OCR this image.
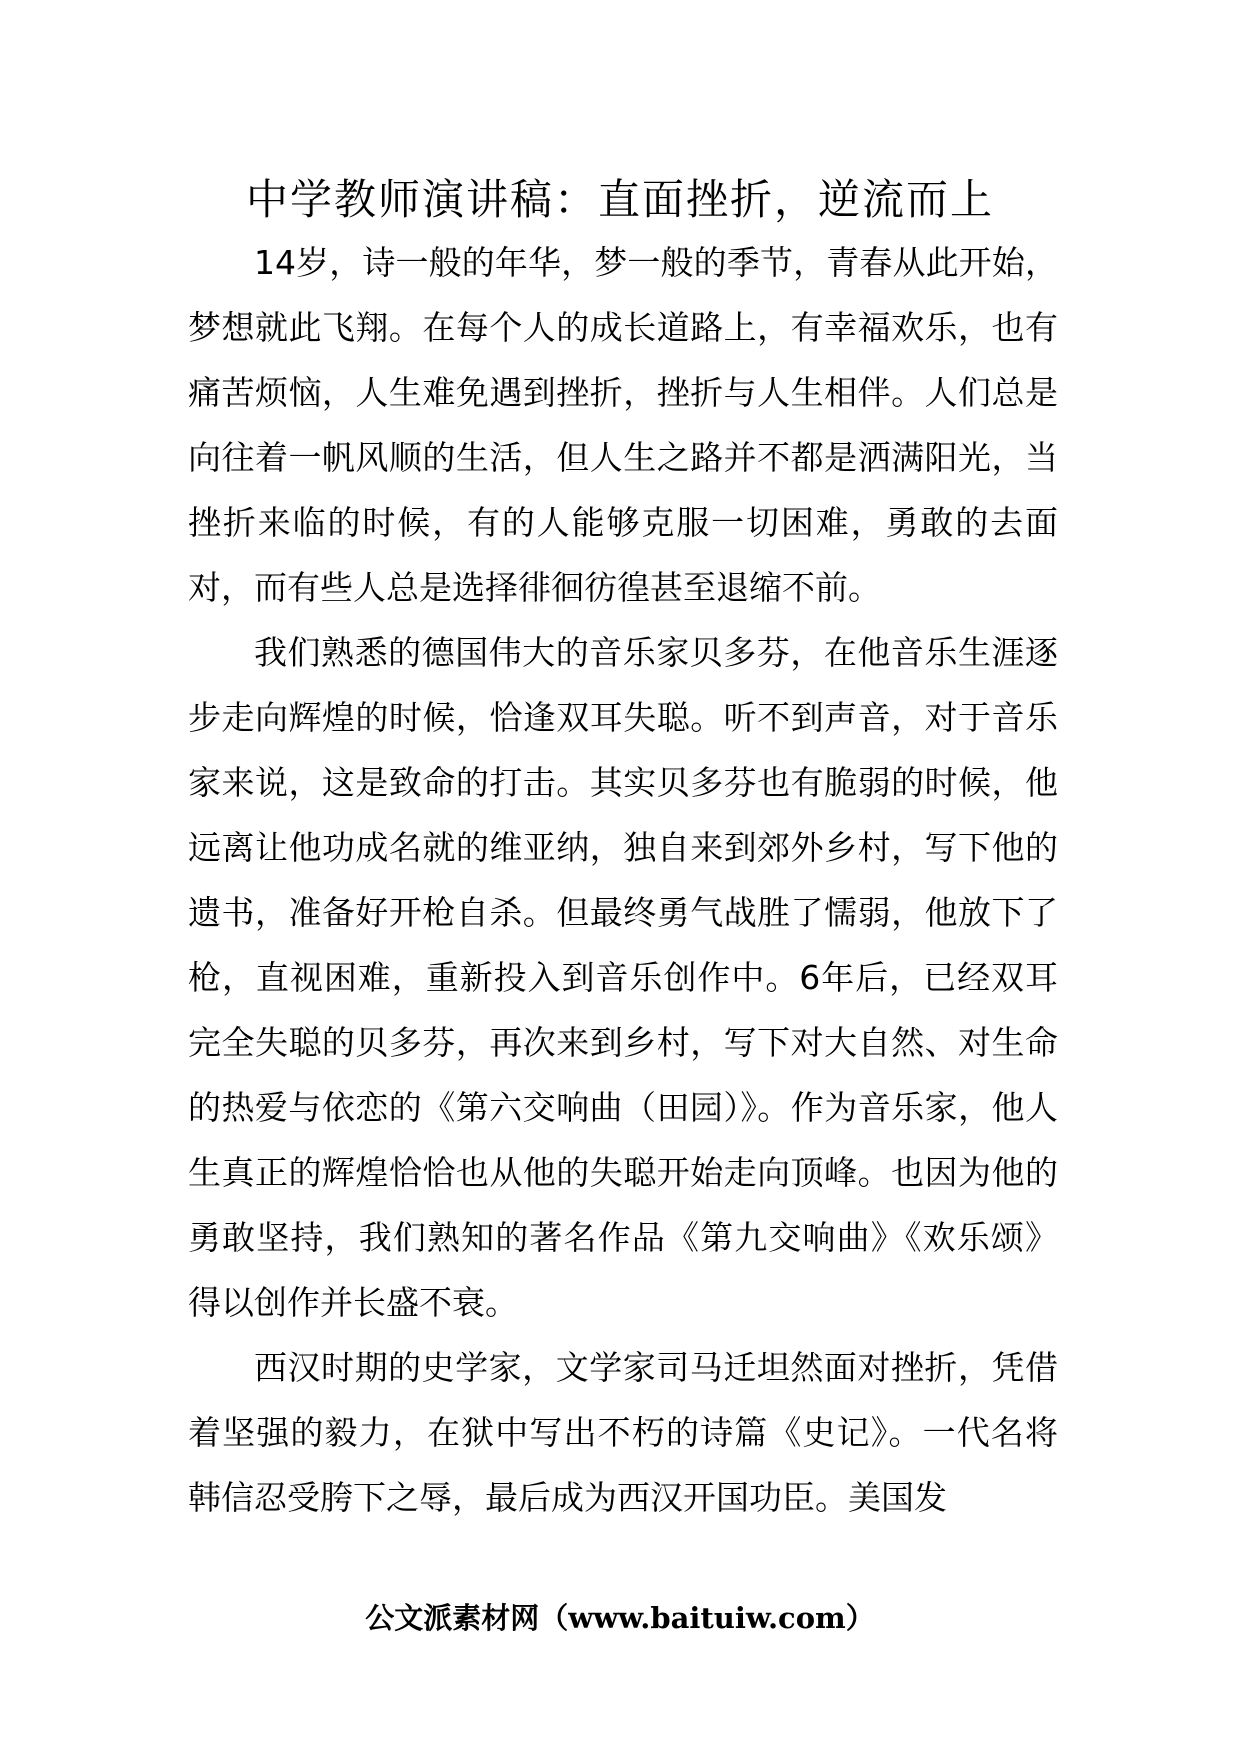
中学教师演讲稿：直面挫折，逆流而上

14岁，诗一般的年华，梦一般的季节，青春从此开始，梦想就此飞翔。在每个人的成长道路上，有幸福欢乐，也有痛苦烦恼，人生难免遇到挫折，挫折与人生相伴。人们总是向往着一帆风顺的生活，但人生之路并不都是洒满阳光，当挫折来临的时候，有的人能够克服一切困难，勇敢的去面对，而有些人总是选择徘徊彷徨甚至退缩不前。

我们熟悉的德国伟大的音乐家贝多芬，在他音乐生涯逐步走向辉煌的时候，恰逢双耳失聪。听不到声音，对于音乐家来说，这是致命的打击。其实贝多芬也有脆弱的时候，他远离让他功成名就的维亚纳，独自来到郊外乡村，写下他的遗书，准备好开枪自杀。但最终勇气战胜了懦弱，他放下了枪，直视困难，重新投入到音乐创作中。6年后，已经双耳完全失聪的贝多芬，再次来到乡村，写下对大自然、对生命的热爱与依恋的《第六交响曲（田园）》。作为音乐家，他人生真正的辉煌恰恰也从他的失聪开始走向顶峰。也因为他的勇敢坚持，我们熟知的著名作品《第九交响曲》《欢乐颂》得以创作并长盛不衰。

西汉时期的史学家，文学家司马迁坦然面对挫折，凭借着坚强的毅力，在狱中写出不朽的诗篇《史记》。一代名将韩信忍受胯下之辱，最后成为西汉开国功臣。美国发

公文派素材网（www.baituiw.com）
